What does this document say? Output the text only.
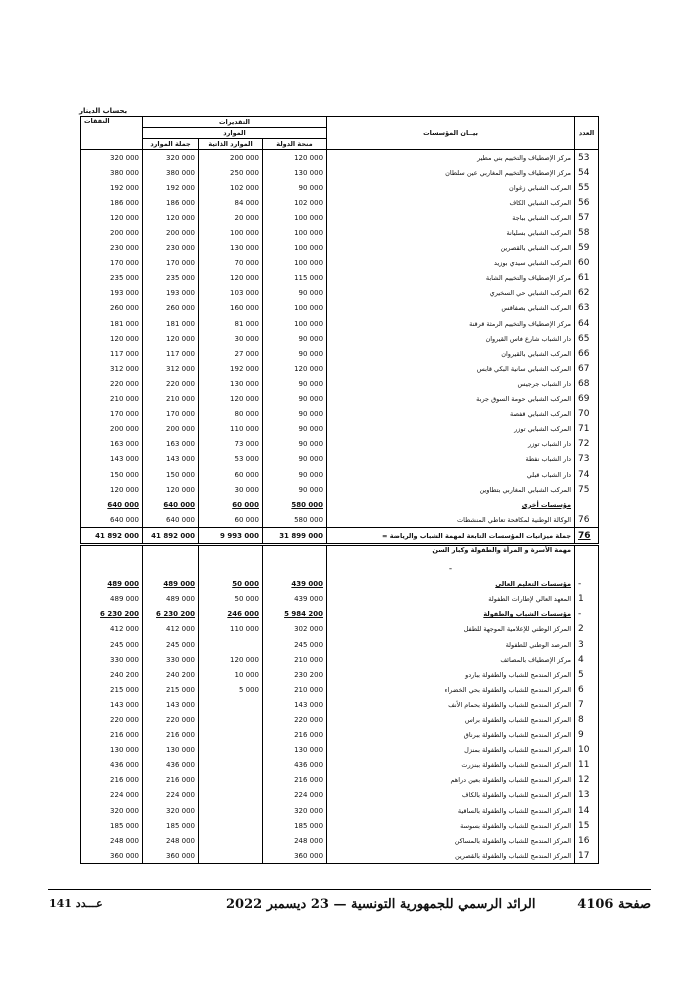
بحساب الدينار
النفقات	التقديرات			بيــان المؤسسات	العدد
	الموارد				
	جملة الموارد	الموارد الذاتية	منحة الدولة		
320 000	320 000	200 000	120 000	مركز الإصطياف والتخييم بني مطير	53
380 000	380 000	250 000	130 000	مركز الإصطياف والتخييم المغاربي عين سلطان	54
192 000	192 000	102 000	90 000	المركب الشبابي زغوان	55
186 000	186 000	84 000	102 000	المركب الشبابي الكاف	56
120 000	120 000	20 000	100 000	المركب الشبابي بباجة	57
200 000	200 000	100 000	100 000	المركب الشبابي بسليانة	58
230 000	230 000	130 000	100 000	المركب الشبابي بالقصرين	59
170 000	170 000	70 000	100 000	المركب الشبابي سيدي بوزيد	60
235 000	235 000	120 000	115 000	مركز الإصطياف والتخييم الشابة	61
193 000	193 000	103 000	90 000	المركب الشبابي حي السخيري	62
260 000	260 000	160 000	100 000	المركب الشبابي بصفاقس	63
181 000	181 000	81 000	100 000	مركز الإصطياف والتخييم الرمثة قرقنة	64
120 000	120 000	30 000	90 000	دار الشباب شارع فاس القيروان	65
117 000	117 000	27 000	90 000	المركب الشبابي بالقيروان	66
312 000	312 000	192 000	120 000	المركب الشبابي سانية البكي قابس	67
220 000	220 000	130 000	90 000	دار الشباب جرجيس	68
210 000	210 000	120 000	90 000	المركب الشبابي حومة السوق جربة	69
170 000	170 000	80 000	90 000	المركب الشبابي قفصة	70
200 000	200 000	110 000	90 000	المركب الشبابي توزر	71
163 000	163 000	73 000	90 000	دار الشباب توزر	72
143 000	143 000	53 000	90 000	دار الشباب نفطة	73
150 000	150 000	60 000	90 000	دار الشباب قبلي	74
120 000	120 000	30 000	90 000	المركب الشبابي المغاربي بتطاوين	75
640 000	640 000	60 000	580 000	مؤسسات أخرى	
640 000	640 000	60 000	580 000	الوكالة الوطنية لمكافحة تعاطي المنشطات	76
41 892 000	41 892 000	9 993 000	31 899 000	جملة ميزانيات المؤسسات التابعة لمهمة الشباب والرياضة =	76
				مهمة الأسرة و المرأة والطفولة وكبار السن	
				-	
489 000	489 000	50 000	439 000	مؤسسات التعليم العالي	-
489 000	489 000	50 000	439 000	المعهد العالي لإطارات الطفولة	1
6 230 200	6 230 200	246 000	5 984 200	مؤسسات الشباب والطفولة	-
412 000	412 000	110 000	302 000	المركز الوطني للإعلامية الموجهة للطفل	2
245 000	245 000		245 000	المرصد الوطني للطفولة	3
330 000	330 000	120 000	210 000	مركز الإصطياف بالمصائف	4
240 200	240 200	10 000	230 200	المركز المندمج للشباب والطفولة بباردو	5
215 000	215 000	5 000	210 000	المركز المندمج للشباب والطفولة بحي الخضراء	6
143 000	143 000		143 000	المركز المندمج للشباب والطفولة بحمام الأنف	7
220 000	220 000		220 000	المركز المندمج للشباب والطفولة براس	8
216 000	216 000		216 000	المركز المندمج للشباب والطفولة ببرناق	9
130 000	130 000		130 000	المركز المندمج للشباب والطفولة بمنزل	10
436 000	436 000		436 000	المركز المندمج للشباب والطفولة ببنزرت	11
216 000	216 000		216 000	المركز المندمج للشباب والطفولة بعين دراهم	12
224 000	224 000		224 000	المركز المندمج للشباب والطفولة بالكاف	13
320 000	320 000		320 000	المركز المندمج للشباب والطفولة بالساقية	14
185 000	185 000		185 000	المركز المندمج للشباب والطفولة بسوسة	15
248 000	248 000		248 000	المركز المندمج للشباب والطفولة بالمساكن	16
360 000	360 000		360 000	المركز المندمج للشباب والطفولة بالقصرين	17
صفحة 4106
الرائد الرسمي للجمهورية التونسية — 23 ديسمبر 2022
عـــدد 141
